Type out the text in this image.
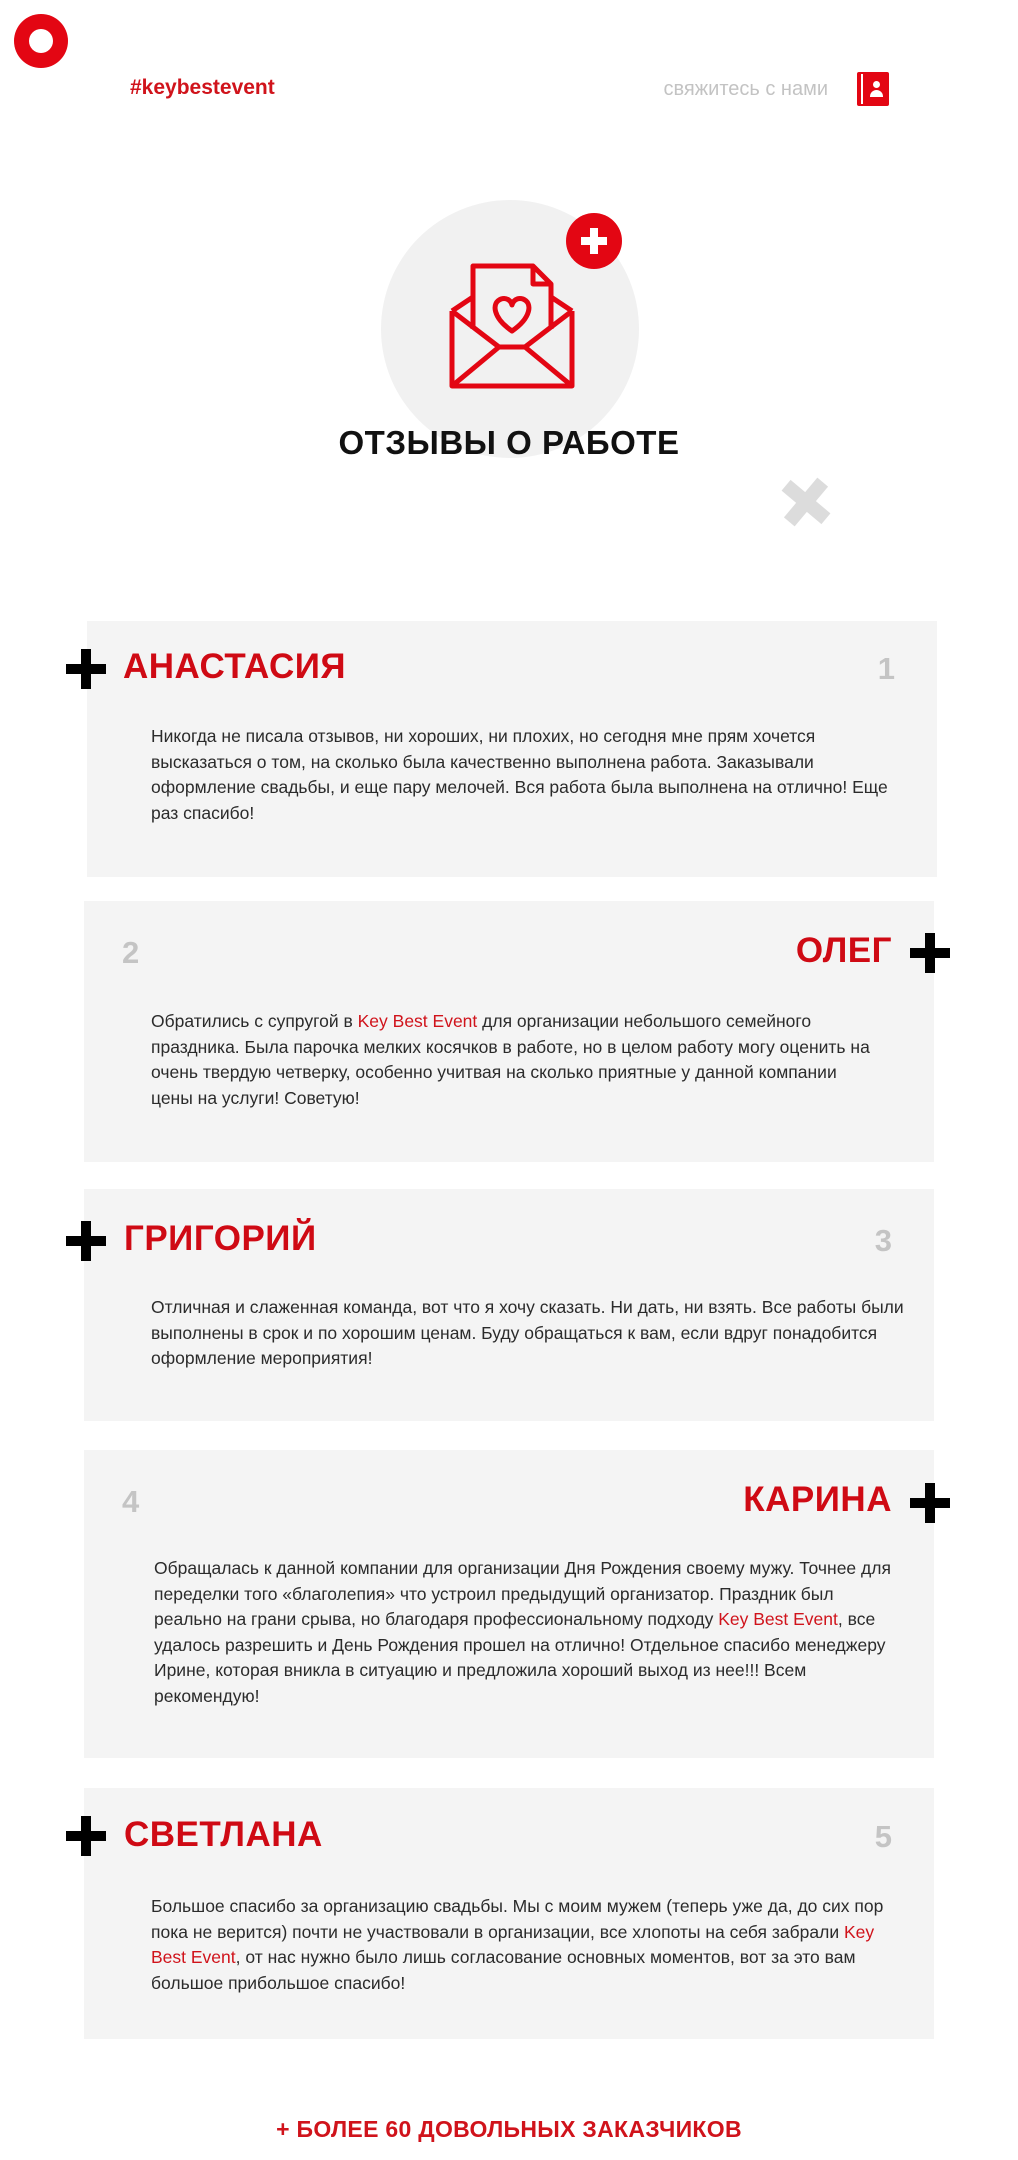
#keybestevent	свяжитесь с нами
ОТЗЫВЫ О РАБОТЕ
АНАСТАСИЯ	1
Никогда не писала отзывов, ни хороших, ни плохих, но сегодня мне прям хочется высказаться о том, на сколько была качественно выполнена работа. Заказывали оформление свадьбы, и еще пару мелочей. Вся работа была выполнена на отлично! Еще раз спасибо!
2	ОЛЕГ
Обратились с супругой в Key Best Event для организации небольшого семейного праздника. Была парочка мелких косячков в работе, но в целом работу могу оценить на очень твердую четверку, особенно учитвая на сколько приятные у данной компании цены на услуги! Советую!
ГРИГОРИЙ	3
Отличная и слаженная команда, вот что я хочу сказать. Ни дать, ни взять. Все работы были выполнены в срок и по хорошим ценам. Буду обращаться к вам, если вдруг понадобится оформление мероприятия!
4	КАРИНА
Обращалась к данной компании для организации Дня Рождения своему мужу. Точнее для переделки того «благолепия» что устроил предыдущий организатор. Праздник был реально на грани срыва, но благодаря профессиональному подходу Key Best Event, все удалось разрешить и День Рождения прошел на отлично! Отдельное спасибо менеджеру Ирине, которая вникла в ситуацию и предложила хороший выход из нее!!! Всем рекомендую!
СВЕТЛАНА	5
Большое спасибо за организацию свадьбы. Мы с моим мужем (теперь уже да, до сих пор пока не верится) почти не участвовали в организации, все хлопоты на себя забрали Key Best Event, от нас нужно было лишь согласование основных моментов, вот за это вам большое прибольшое спасибо!
+ БОЛЕЕ 60 ДОВОЛЬНЫХ ЗАКАЗЧИКОВ
